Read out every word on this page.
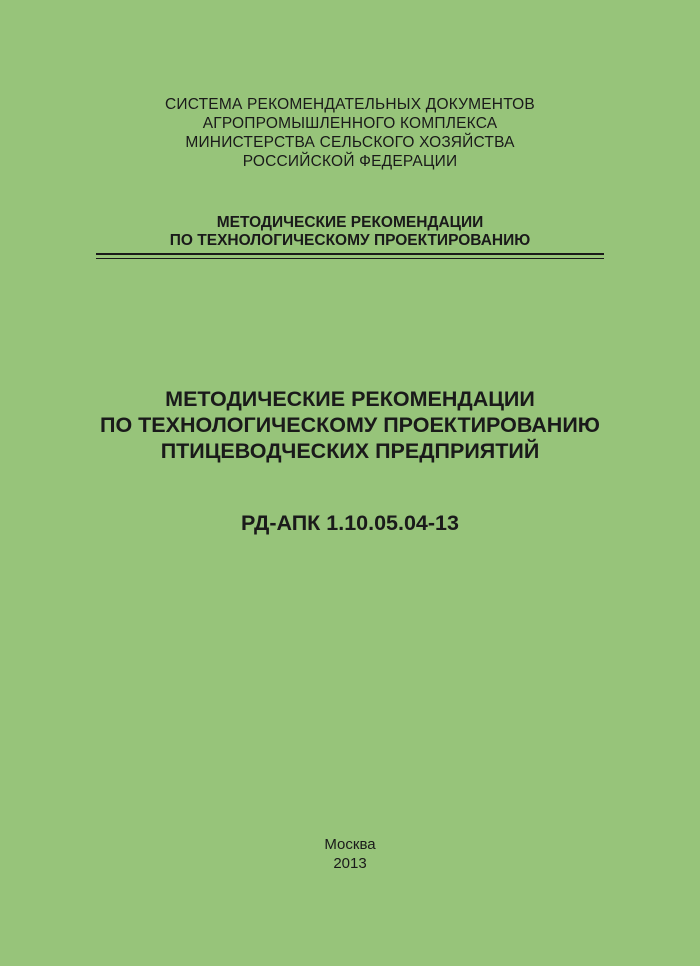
СИСТЕМА РЕКОМЕНДАТЕЛЬНЫХ ДОКУМЕНТОВ
АГРОПРОМЫШЛЕННОГО КОМПЛЕКСА
МИНИСТЕРСТВА СЕЛЬСКОГО ХОЗЯЙСТВА
РОССИЙСКОЙ ФЕДЕРАЦИИ
МЕТОДИЧЕСКИЕ РЕКОМЕНДАЦИИ
ПО ТЕХНОЛОГИЧЕСКОМУ ПРОЕКТИРОВАНИЮ
МЕТОДИЧЕСКИЕ РЕКОМЕНДАЦИИ
ПО ТЕХНОЛОГИЧЕСКОМУ ПРОЕКТИРОВАНИЮ
ПТИЦЕВОДЧЕСКИХ ПРЕДПРИЯТИЙ
РД-АПК 1.10.05.04-13
Москва
2013
